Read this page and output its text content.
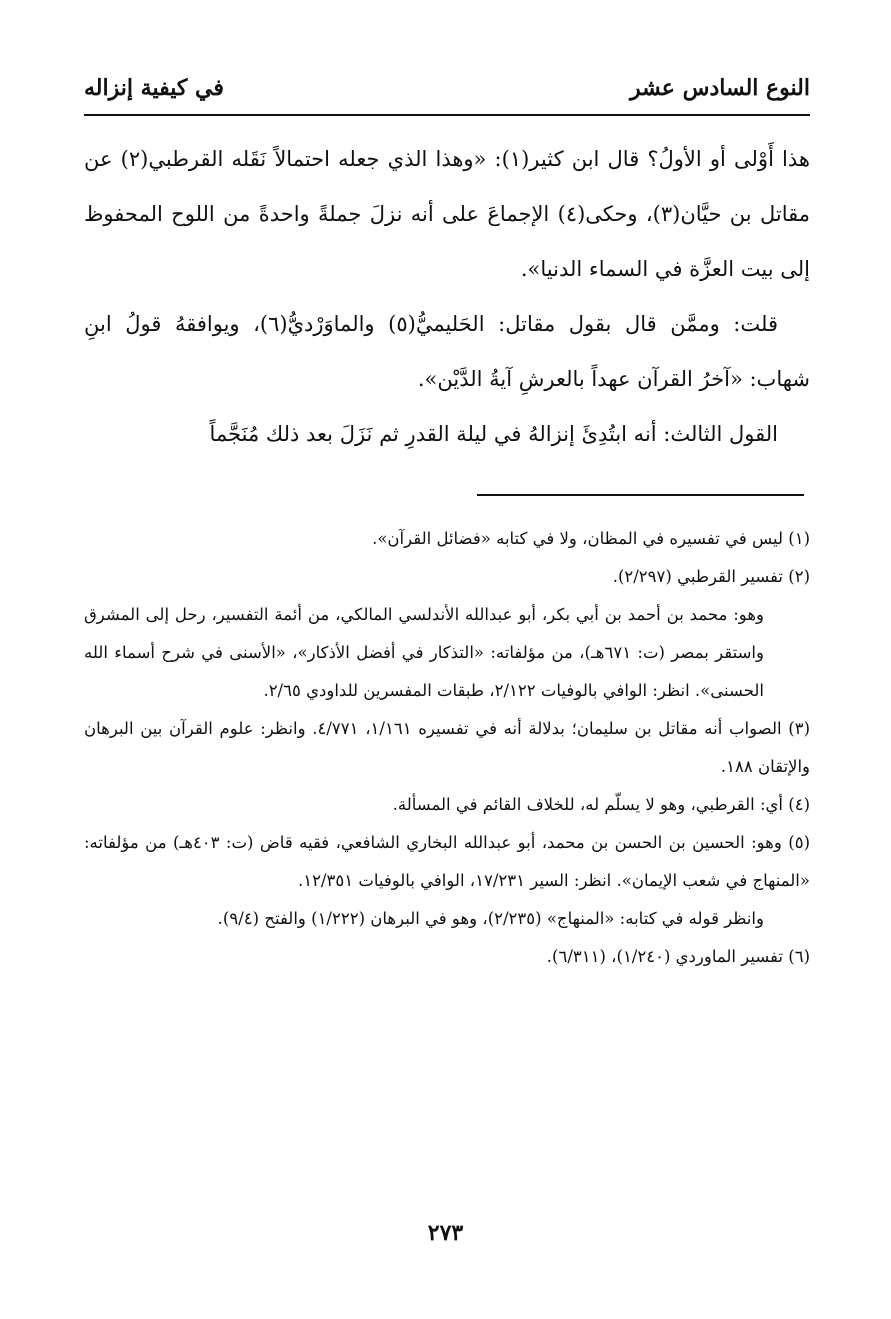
النوع السادس عشر
في كيفية إنزاله

هذا أَوْلى أو الأولُ؟ قال ابن كثير(١): «وهذا الذي جعله احتمالاً نَقَله القرطبي(٢) عن مقاتل بن حيَّان(٣)، وحكى(٤) الإجماعَ على أنه نزلَ جملةً واحدةً من اللوح المحفوظ إلى بيت العزَّة في السماء الدنيا».

قلت: وممَّن قال بقول مقاتل: الحَليميُّ(٥) والماوَرْديُّ(٦)، ويوافقهُ قولُ ابنِ شهاب: «آخرُ القرآن عهداً بالعرشِ آيةُ الدَّيْن».

القول الثالث: أنه ابتُدِئَ إنزالهُ في ليلة القدرِ ثم نَزَلَ بعد ذلك مُنَجَّماً

(١) ليس في تفسيره في المظان، ولا في كتابه «فضائل القرآن».

(٢) تفسير القرطبي (٢/٢٩٧).

وهو: محمد بن أحمد بن أبي بكر، أبو عبدالله الأندلسي المالكي، من أئمة التفسير، رحل إلى المشرق واستقر بمصر (ت: ٦٧١هـ)، من مؤلفاته: «التذكار في أفضل الأذكار»، «الأسنى في شرح أسماء الله الحسنى». انظر: الوافي بالوفيات ٢/١٢٢، طبقات المفسرين للداودي ٢/٦٥.

(٣) الصواب أنه مقاتل بن سليمان؛ بدلالة أنه في تفسيره ١/١٦١، ٤/٧٧١. وانظر: علوم القرآن بين البرهان والإتقان ١٨٨.

(٤) أي: القرطبي، وهو لا يسلّم له، للخلاف القائم في المسألة.

(٥) وهو: الحسين بن الحسن بن محمد، أبو عبدالله البخاري الشافعي، فقيه قاض (ت: ٤٠٣هـ) من مؤلفاته: «المنهاج في شعب الإيمان». انظر: السير ١٧/٢٣١، الوافي بالوفيات ١٢/٣٥١.

وانظر قوله في كتابه: «المنهاج» (٢/٢٣٥)، وهو في البرهان (١/٢٢٢) والفتح (٩/٤).

(٦) تفسير الماوردي (١/٢٤٠)، (٦/٣١١).

٢٧٣
